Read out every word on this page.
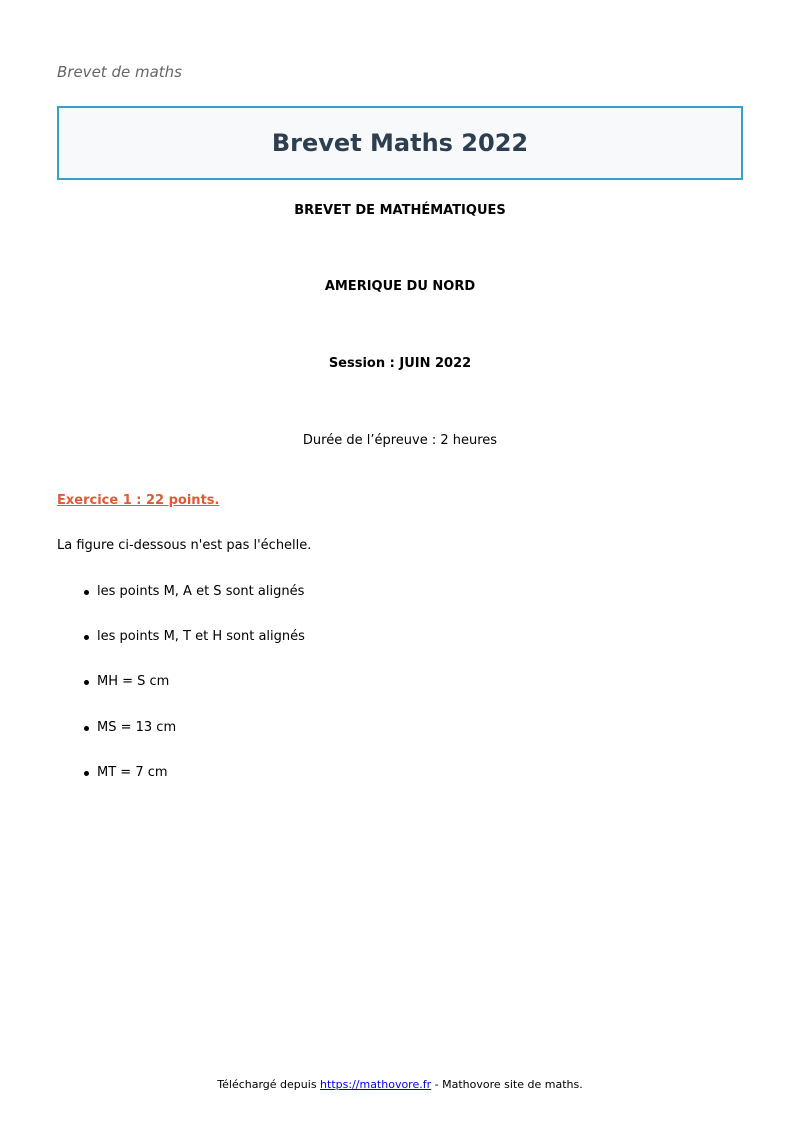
Brevet de maths
Brevet Maths 2022
BREVET DE MATHÉMATIQUES
AMERIQUE DU NORD
Session : JUIN 2022
Durée de l’épreuve : 2 heures
Exercice 1 : 22 points.
La figure ci-dessous n'est pas l'échelle.
les points M, A et S sont alignés
les points M, T et H sont alignés
MH = S cm
MS = 13 cm
MT = 7 cm
Téléchargé depuis https://mathovore.fr - Mathovore site de maths.
